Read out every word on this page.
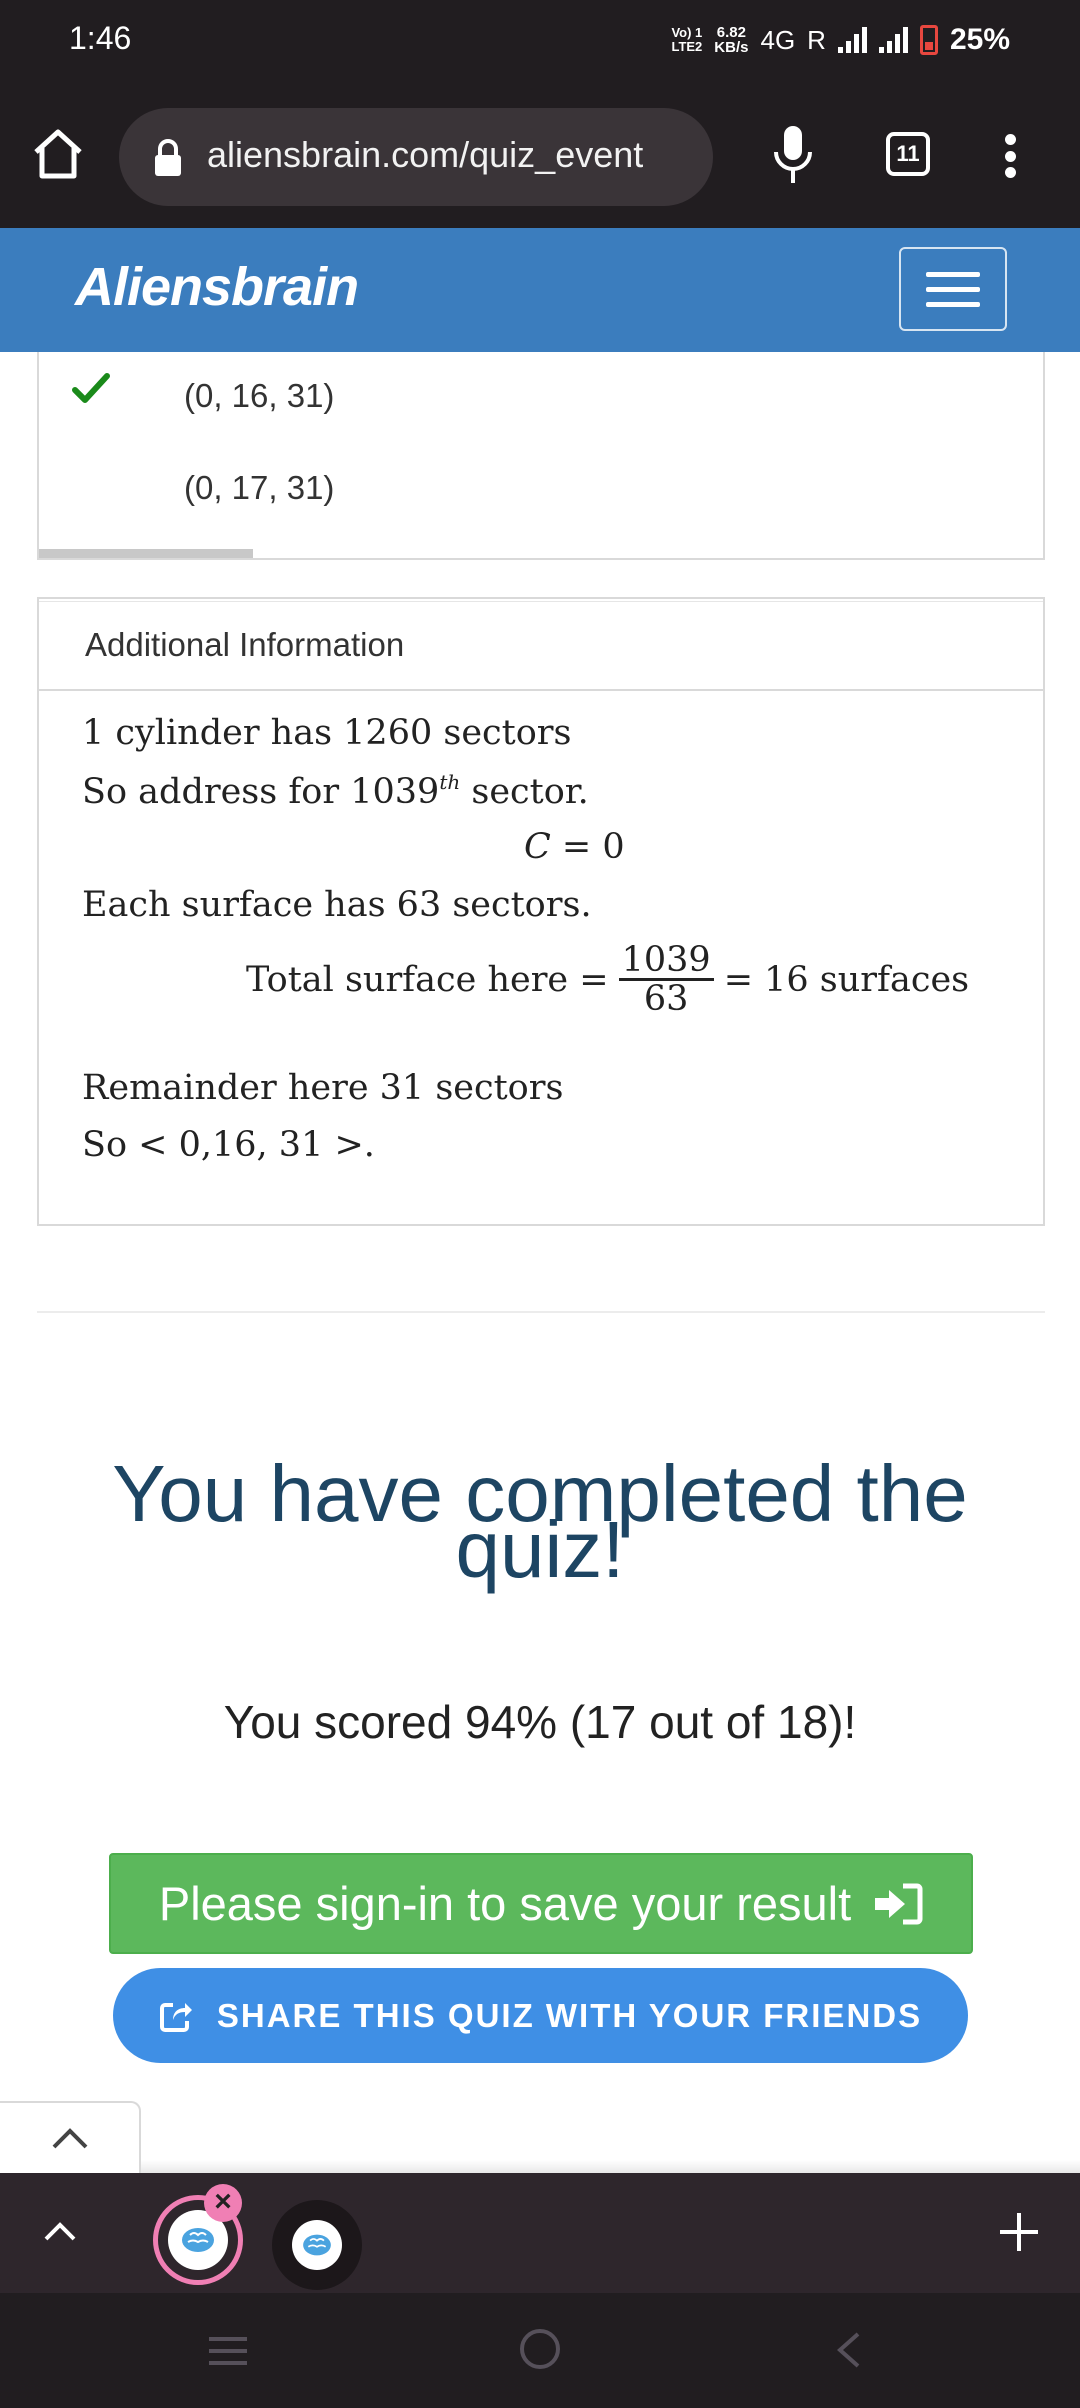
1:46	Vo) 1
LTE2
6.82
KB/s 4G R	25%
aliensbrain.com/quiz_event	11
Aliensbrain
(0, 16, 31)
(0, 17, 31)
Additional Information
1 cylinder has 1260 sectors
So address for 1039th sector.
C = 0
Each surface has 63 sectors.
Total surface here = $\frac{1039}{63} = 16$ surfaces
Remainder here 31 sectors
So < 0,16, 31 >.
You have completed the quiz!
You scored 94% (17 out of 18)!
Please sign-in to save your result
SHARE THIS QUIZ WITH YOUR FRIENDS
×
